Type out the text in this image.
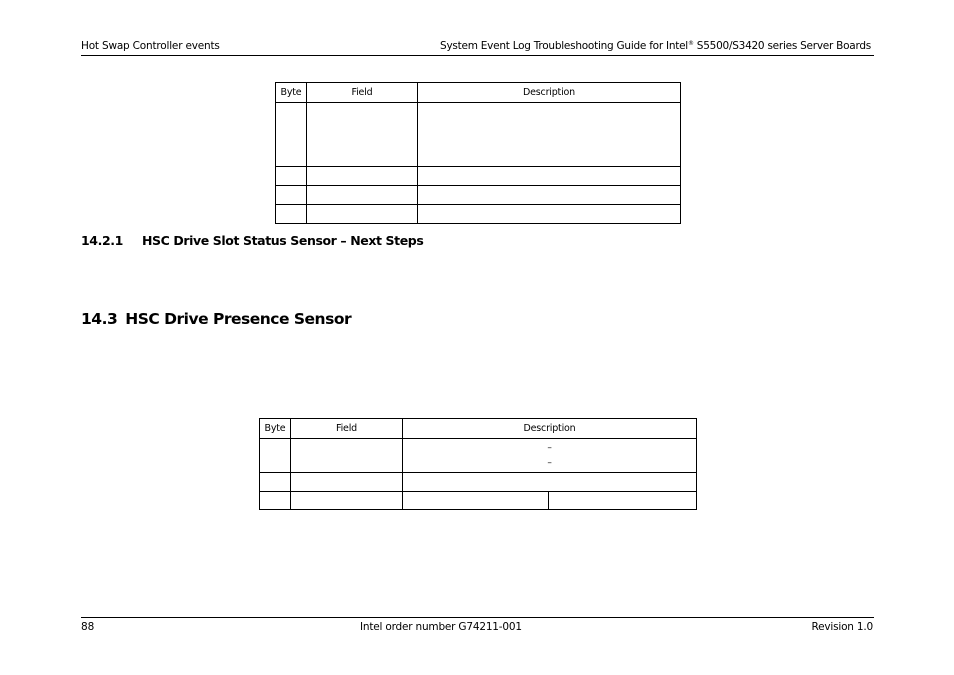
Hot Swap Controller events	System Event Log Troubleshooting Guide for Intel® S5500/S3420 series Server Boards
Byte	Field	Description

14.2.1 HSC Drive Slot Status Sensor – Next Steps
14.3 HSC Drive Presence Sensor
Byte	Field	Description	

		–
–	

88	Intel order number G74211-001	Revision 1.0
